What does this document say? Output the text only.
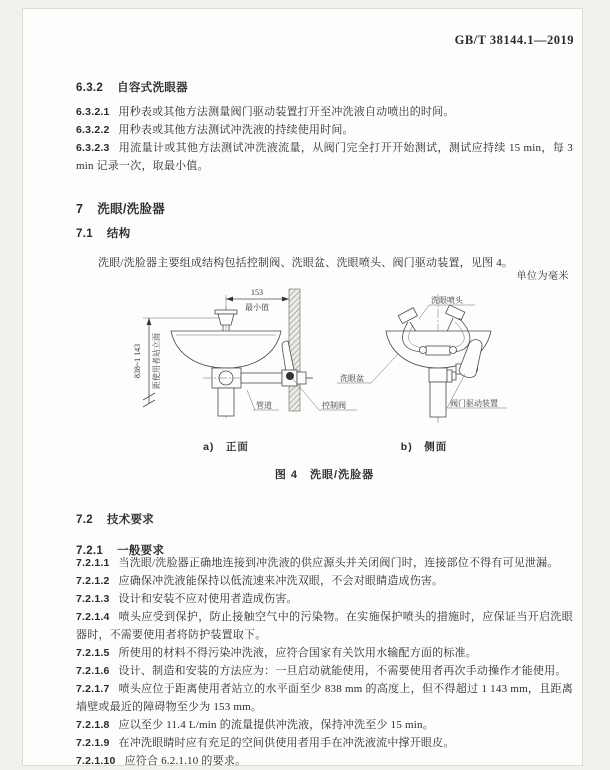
GB/T 38144.1—2019
6.3.2 自容式洗眼器

6.3.2.1 用秒表或其他方法测量阀门驱动装置打开至冲洗液自动喷出的时间。

6.3.2.2 用秒表或其他方法测试冲洗液的持续使用时间。

6.3.2.3 用流量计或其他方法测试冲洗液流量，从阀门完全打开开始测试，测试应持续 15 min，每 3 min 记录一次，取最小值。

7 洗眼/洗脸器
7.1 结构

洗眼/洗脸器主要组成结构包括控制阀、洗眼盆、洗眼喷头、阀门驱动装置，见图 4。

单位为毫米
153
最小值
838~1 143 距使用者站立面
管道	控制阀
洗眼喷头
洗眼盆
阀门驱动装置
a)　正面	b)　侧面
图 4　洗眼/洗脸器
7.2 技术要求
7.2.1 一般要求

7.2.1.1 当洗眼/洗脸器正确地连接到冲洗液的供应源头并关闭阀门时，连接部位不得有可见泄漏。

7.2.1.2 应确保冲洗液能保持以低流速来冲洗双眼，不会对眼睛造成伤害。

7.2.1.3 设计和安装不应对使用者造成伤害。

7.2.1.4 喷头应受到保护，防止接触空气中的污染物。在实施保护喷头的措施时，应保证当开启洗眼器时，不需要使用者将防护装置取下。

7.2.1.5 所使用的材料不得污染冲洗液，应符合国家有关饮用水输配方面的标准。

7.2.1.6 设计、制造和安装的方法应为：一旦启动就能使用，不需要使用者再次手动操作才能使用。

7.2.1.7 喷头应位于距离使用者站立的水平面至少 838 mm 的高度上，但不得超过 1 143 mm，且距离墙壁或最近的障碍物至少为 153 mm。

7.2.1.8 应以至少 11.4 L/min 的流量提供冲洗液，保持冲洗至少 15 min。

7.2.1.9 在冲洗眼睛时应有充足的空间供使用者用手在冲洗液流中撑开眼皮。

7.2.1.10 应符合 6.2.1.10 的要求。
